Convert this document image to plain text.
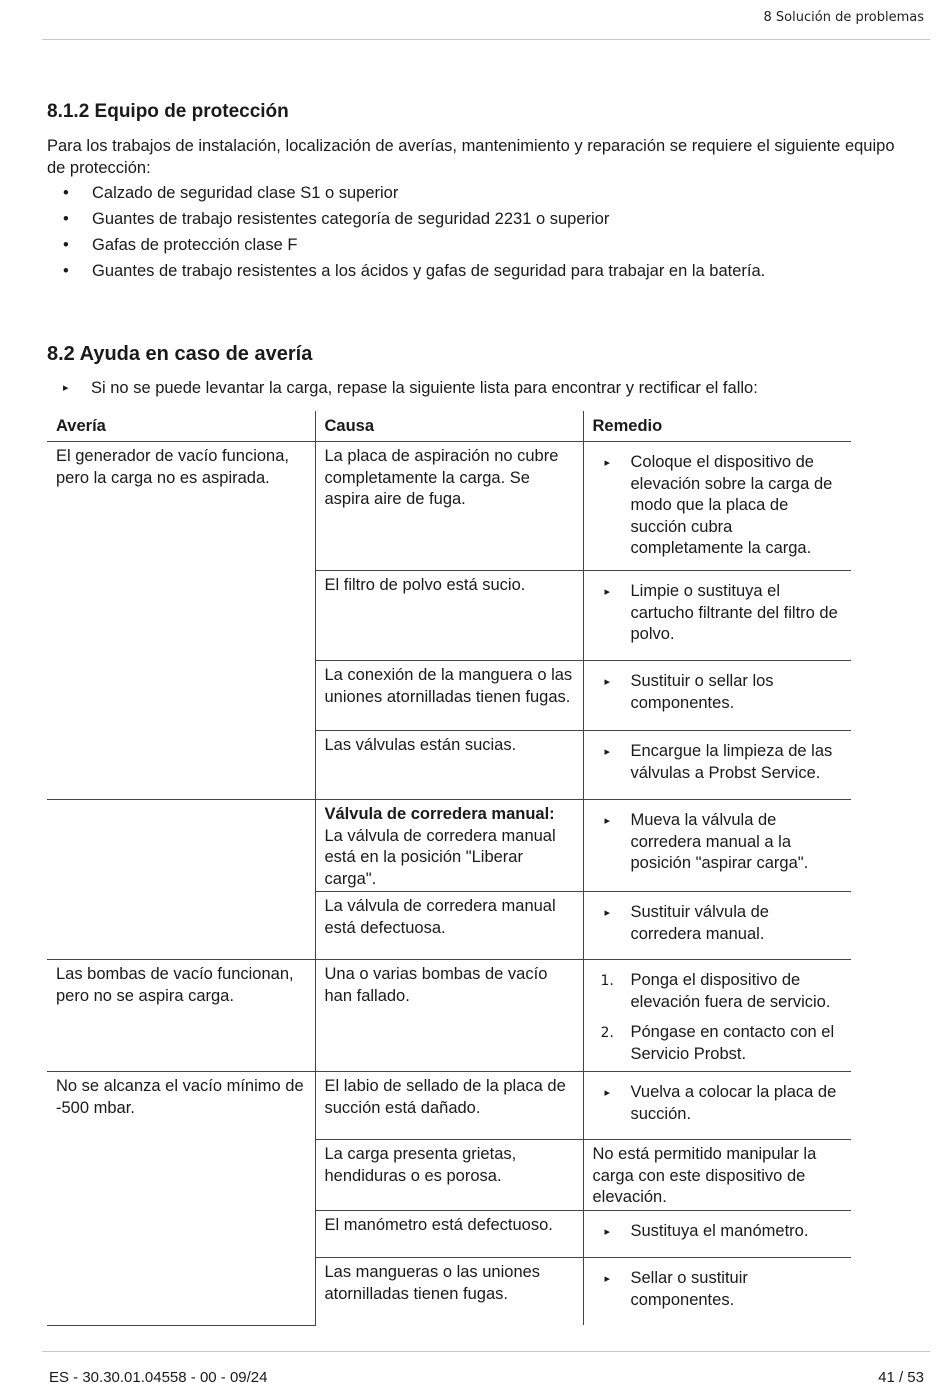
8 Solución de problemas
8.1.2 Equipo de protección

Para los trabajos de instalación, localización de averías, mantenimiento y reparación se requiere el siguiente equipo de protección:

• Calzado de seguridad clase S1 o superior
• Guantes de trabajo resistentes categoría de seguridad 2231 o superior
• Gafas de protección clase F
• Guantes de trabajo resistentes a los ácidos y gafas de seguridad para trabajar en la batería.
8.2 Ayuda en caso de avería
▸ Si no se puede levantar la carga, repase la siguiente lista para encontrar y rectificar el fallo:
Avería	Causa	Remedio
El generador de vacío funciona, pero la carga no es aspirada.	La placa de aspiración no cubre completamente la carga. Se aspira aire de fuga.	▸ Coloque el dispositivo de elevación sobre la carga de modo que la placa de succión cubra completamente la carga.

	El filtro de polvo está sucio.	▸ Limpie o sustituya el cartucho filtrante del filtro de polvo.

	La conexión de la manguera o las uniones atornilladas tienen fugas.	▸ Sustituir o sellar los componentes.

	Las válvulas están sucias.	▸ Encargue la limpieza de las válvulas a Probst Service.

	Válvula de corredera manual:
La válvula de corredera manual está en la posición "Liberar carga".	▸ Mueva la válvula de corredera manual a la posición "aspirar carga".

	La válvula de corredera manual está defectuosa.	▸ Sustituir válvula de corredera manual.

Las bombas de vacío funcionan, pero no se aspira carga.	Una o varias bombas de vacío han fallado.	1. Ponga el dispositivo de elevación fuera de servicio.
2. Póngase en contacto con el Servicio Probst.

No se alcanza el vacío mínimo de -500 mbar.	El labio de sellado de la placa de succión está dañado.	▸ Vuelva a colocar la placa de succión.

	La carga presenta grietas, hendiduras o es porosa.	No está permitido manipular la carga con este dispositivo de elevación.
	El manómetro está defectuoso.	▸ Sustituya el manómetro.

	Las mangueras o las uniones atornilladas tienen fugas.	▸ Sellar o sustituir componentes.
ES - 30.30.01.04558 - 00 - 09/24	41 / 53
